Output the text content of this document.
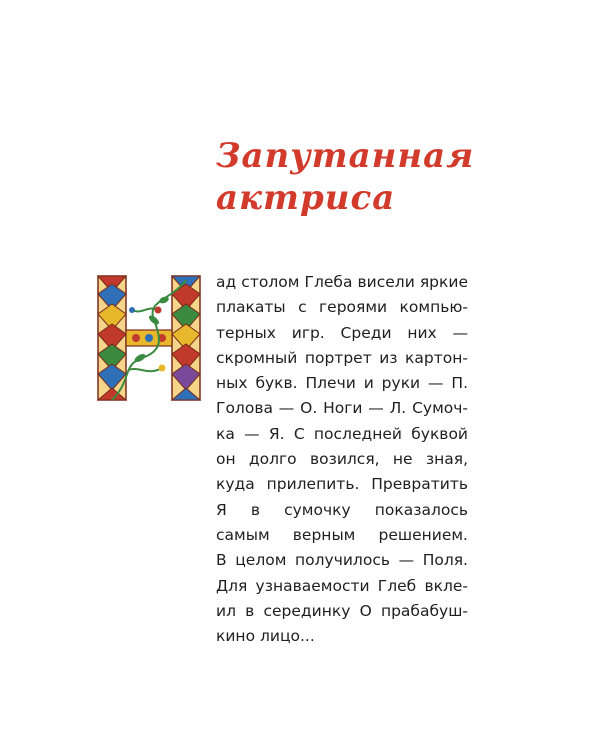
Запутанная
актриса
ад столом Глеба висели яркие
плакаты с героями компью-
терных игр. Среди них —
скромный портрет из картон-
ных букв. Плечи и руки — П.
Голова — О. Ноги — Л. Сумоч-
ка — Я. С последней буквой
он долго возился, не зная,
куда прилепить. Превратить
Я в сумочку показалось
самым верным решением.
В целом получилось — Поля.
Для узнаваемости Глеб вкле-
ил в серединку О прабабуш-
кино лицо...
